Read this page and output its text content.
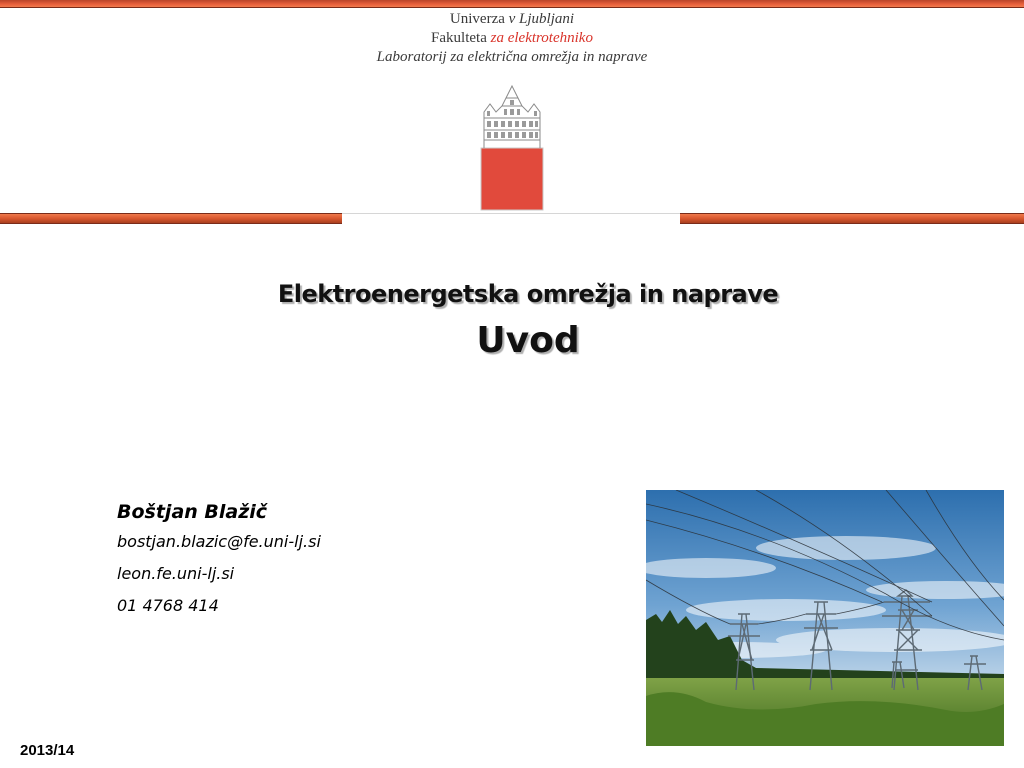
Univerza v Ljubljani
Fakulteta za elektrotehniko
Laboratorij za električna omrežja in naprave
Elektroenergetska omrežja in naprave
Uvod
Boštjan Blažič
bostjan.blazic@fe.uni-lj.si
leon.fe.uni-lj.si
01 4768 414
2013/14
